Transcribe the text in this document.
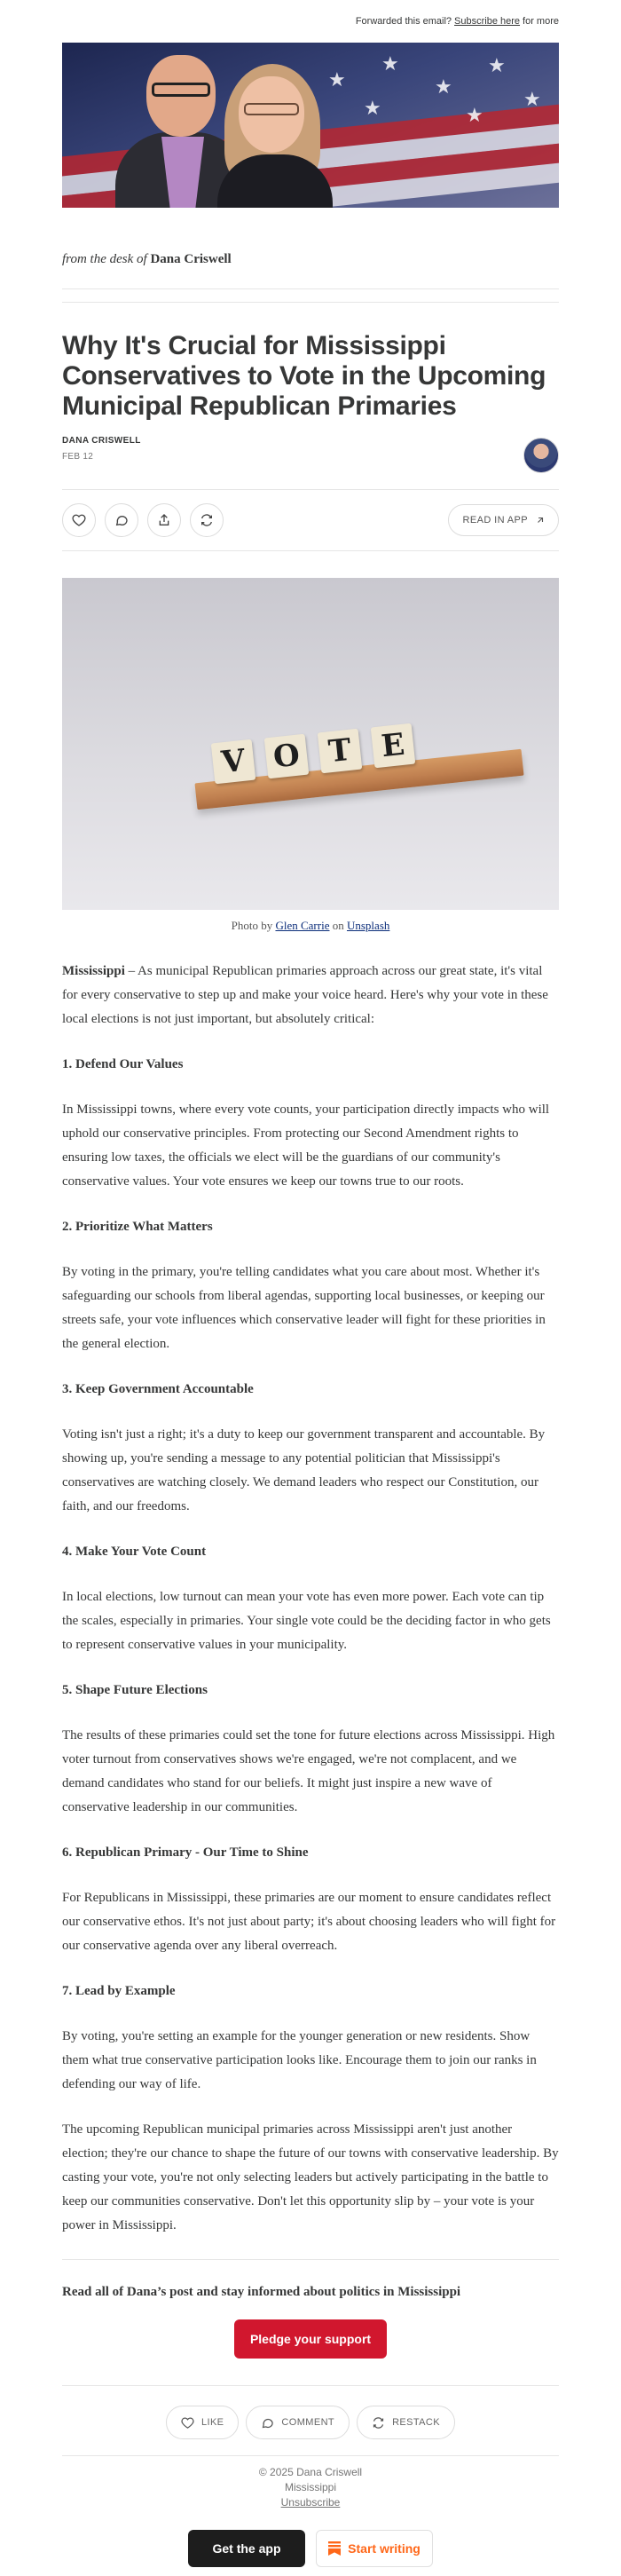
Forwarded this email? Subscribe here for more
★
★
★
★
★	★
★
from the desk of Dana Criswell
Why It's Crucial for Mississippi Conservatives to Vote in the Upcoming Municipal Republican Primaries
DANA CRISWELL
FEB 12
READ IN APP
V O T E
Photo by Glen Carrie on Unsplash

Mississippi – As municipal Republican primaries approach across our great state, it's vital for every conservative to step up and make your voice heard. Here's why your vote in these local elections is not just important, but absolutely critical:

1. Defend Our Values

In Mississippi towns, where every vote counts, your participation directly impacts who will uphold our conservative principles. From protecting our Second Amendment rights to ensuring low taxes, the officials we elect will be the guardians of our community's conservative values. Your vote ensures we keep our towns true to our roots.

2. Prioritize What Matters

By voting in the primary, you're telling candidates what you care about most. Whether it's safeguarding our schools from liberal agendas, supporting local businesses, or keeping our streets safe, your vote influences which conservative leader will fight for these priorities in the general election.

3. Keep Government Accountable

Voting isn't just a right; it's a duty to keep our government transparent and accountable. By showing up, you're sending a message to any potential politician that Mississippi's conservatives are watching closely. We demand leaders who respect our Constitution, our faith, and our freedoms.

4. Make Your Vote Count

In local elections, low turnout can mean your vote has even more power. Each vote can tip the scales, especially in primaries. Your single vote could be the deciding factor in who gets to represent conservative values in your municipality.

5. Shape Future Elections

The results of these primaries could set the tone for future elections across Mississippi. High voter turnout from conservatives shows we're engaged, we're not complacent, and we demand candidates who stand for our beliefs. It might just inspire a new wave of conservative leadership in our communities.

6. Republican Primary - Our Time to Shine

For Republicans in Mississippi, these primaries are our moment to ensure candidates reflect our conservative ethos. It's not just about party; it's about choosing leaders who will fight for our conservative agenda over any liberal overreach.

7. Lead by Example

By voting, you're setting an example for the younger generation or new residents. Show them what true conservative participation looks like. Encourage them to join our ranks in defending our way of life.

The upcoming Republican municipal primaries across Mississippi aren't just another election; they're our chance to shape the future of our towns with conservative leadership. By casting your vote, you're not only selecting leaders but actively participating in the battle to keep our communities conservative. Don't let this opportunity slip by – your vote is your power in Mississippi.

Read all of Dana’s post and stay informed about politics in Mississippi
Pledge your support
LIKE	COMMENT	RESTACK
© 2025 Dana Criswell
Mississippi
Unsubscribe
Get the app	Start writing
